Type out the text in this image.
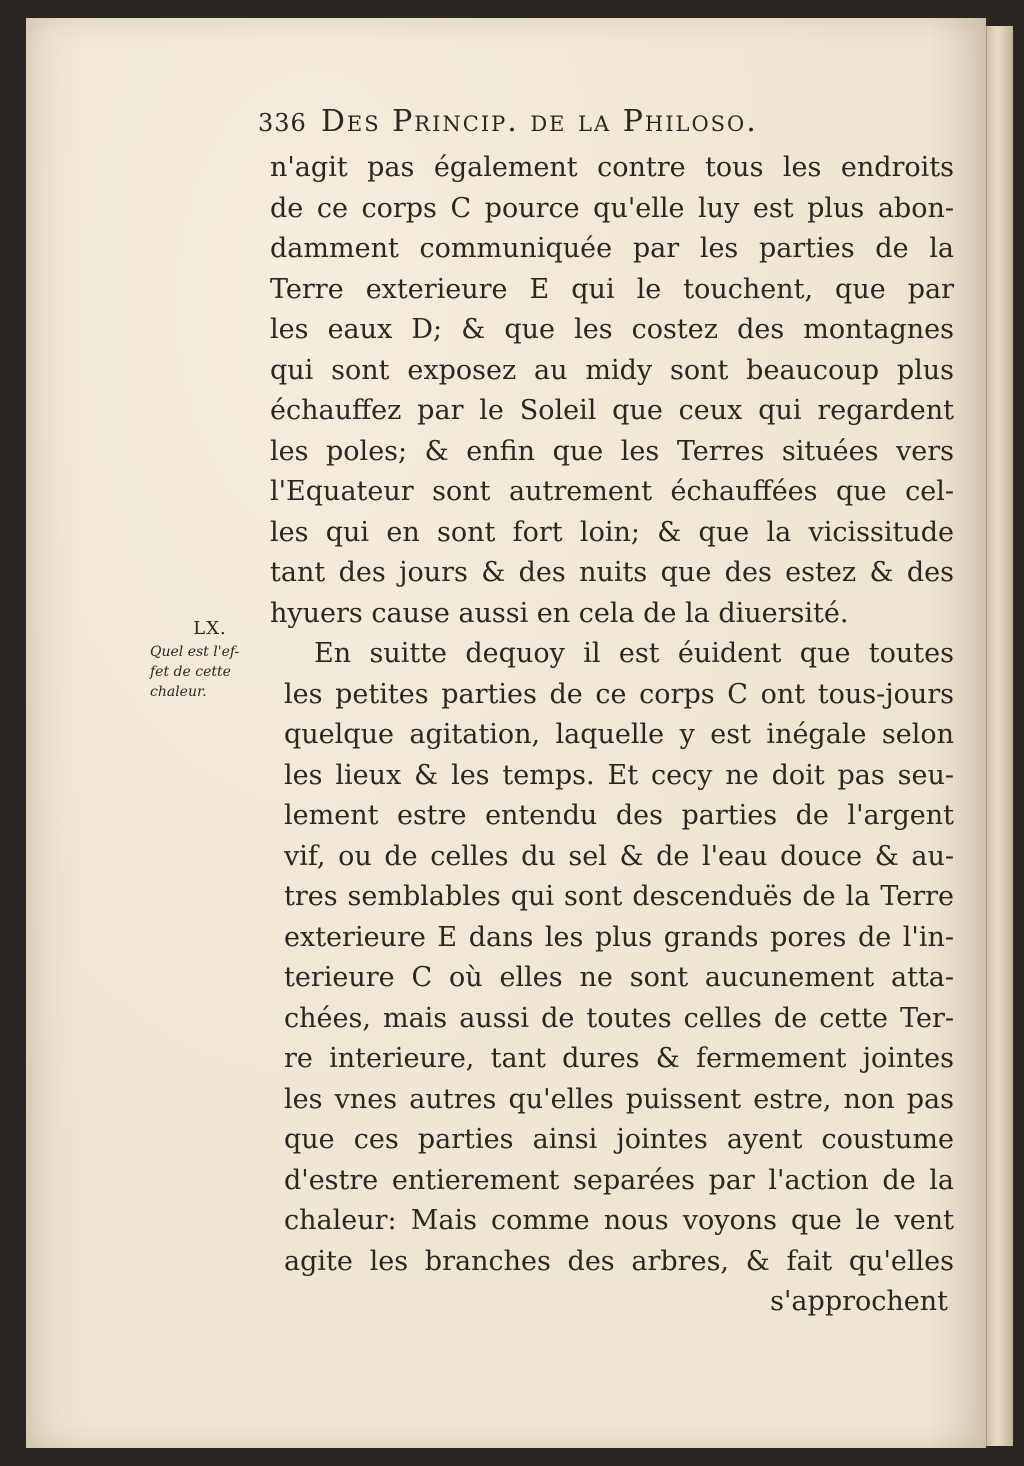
336 Des Princip. de la Philoso.
n'agit pas également contre tous les endroits
de ce corps C pource qu'elle luy est plus abon-
damment communiquée par les parties de la
Terre exterieure E qui le touchent, que par
les eaux D; & que les costez des montagnes
qui sont exposez au midy sont beaucoup plus
échauffez par le Soleil que ceux qui regardent
les poles; & enfin que les Terres situées vers
l'Equateur sont autrement échauffées que cel-
les qui en sont fort loin; & que la vicissitude
tant des jours & des nuits que des estez & des
hyuers cause aussi en cela de la diuersité.
En suitte dequoy il est éuident que toutes
les petites parties de ce corps C ont tous-jours
quelque agitation, laquelle y est inégale selon
les lieux & les temps. Et cecy ne doit pas seu-
lement estre entendu des parties de l'argent
vif, ou de celles du sel & de l'eau douce & au-
tres semblables qui sont descenduës de la Terre
exterieure E dans les plus grands pores de l'in-
terieure C où elles ne sont aucunement atta-
chées, mais aussi de toutes celles de cette Ter-
re interieure, tant dures & fermement jointes
les vnes autres qu'elles puissent estre, non pas
que ces parties ainsi jointes ayent coustume
d'estre entierement separées par l'action de la
chaleur: Mais comme nous voyons que le vent
agite les branches des arbres, & fait qu'elles
s'approchent
LX.
Quel est l'ef-
fet de cette
chaleur.
